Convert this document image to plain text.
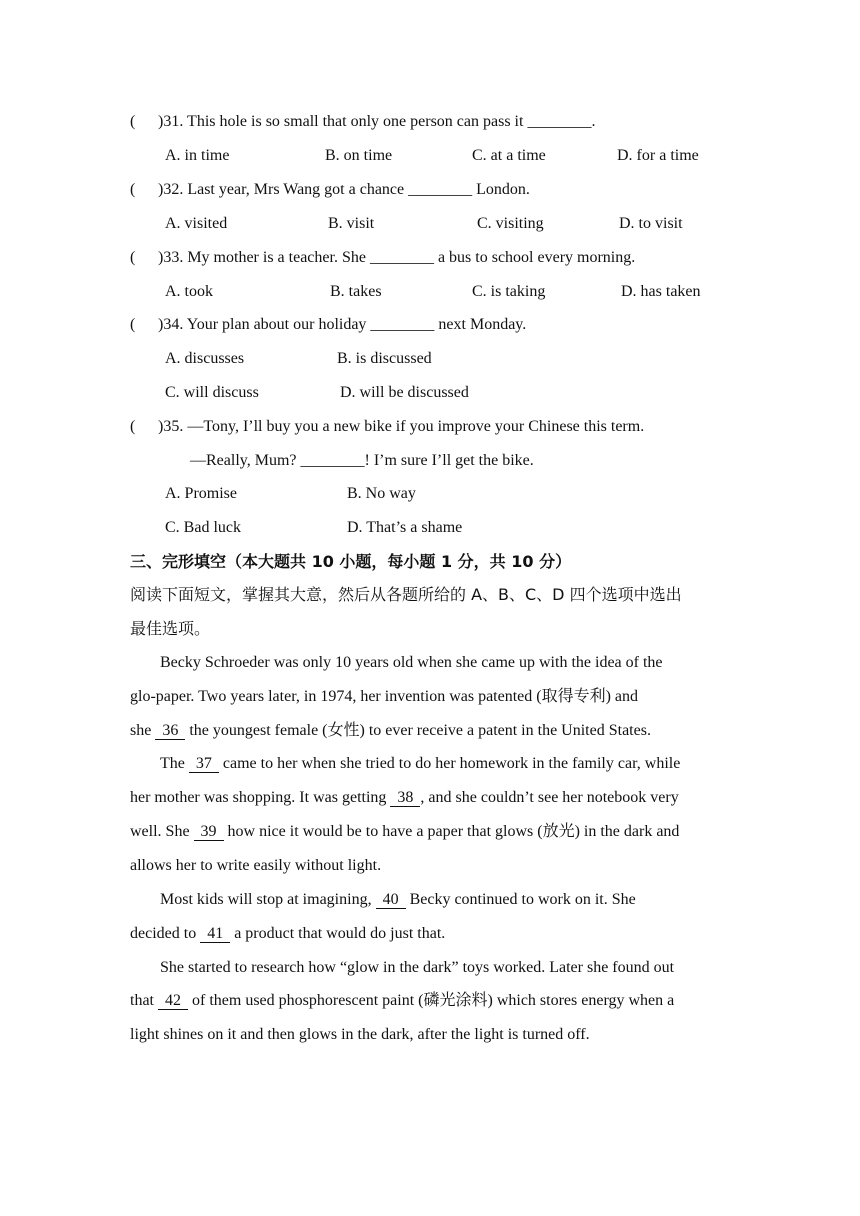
( )31. This hole is so small that only one person can pass it ________.
A. in time	B. on time	C. at a time	D. for a time
( )32. Last year, Mrs Wang got a chance ________ London.
A. visited	B. visit	C. visiting	D. to visit
( )33. My mother is a teacher. She ________ a bus to school every morning.
A. took	B. takes	C. is taking	D. has taken
( )34. Your plan about our holiday ________ next Monday.
A. discusses	B. is discussed
C. will discuss	D. will be discussed
( )35. —Tony, I’ll buy you a new bike if you improve your Chinese this term.
—Really, Mum? ________! I’m sure I’ll get the bike.
A. Promise	B. No way
C. Bad luck	D. That’s a shame
三、完形填空（本大题共 10 小题，每小题 1 分，共 10 分）
阅读下面短文，掌握其大意，然后从各题所给的 A、B、C、D 四个选项中选出
最佳选项。
Becky Schroeder was only 10 years old when she came up with the idea of the
glo-paper. Two years later, in 1974, her invention was patented (取得专利) and
she 36 the youngest female (女性) to ever receive a patent in the United States.
The 37 came to her when she tried to do her homework in the family car, while
her mother was shopping. It was getting 38 , and she couldn’t see her notebook very
well. She 39 how nice it would be to have a paper that glows (放光) in the dark and
allows her to write easily without light.
Most kids will stop at imagining, 40 Becky continued to work on it. She
decided to 41 a product that would do just that.
She started to research how “glow in the dark” toys worked. Later she found out
that 42 of them used phosphorescent paint (磷光涂料) which stores energy when a
light shines on it and then glows in the dark, after the light is turned off.
